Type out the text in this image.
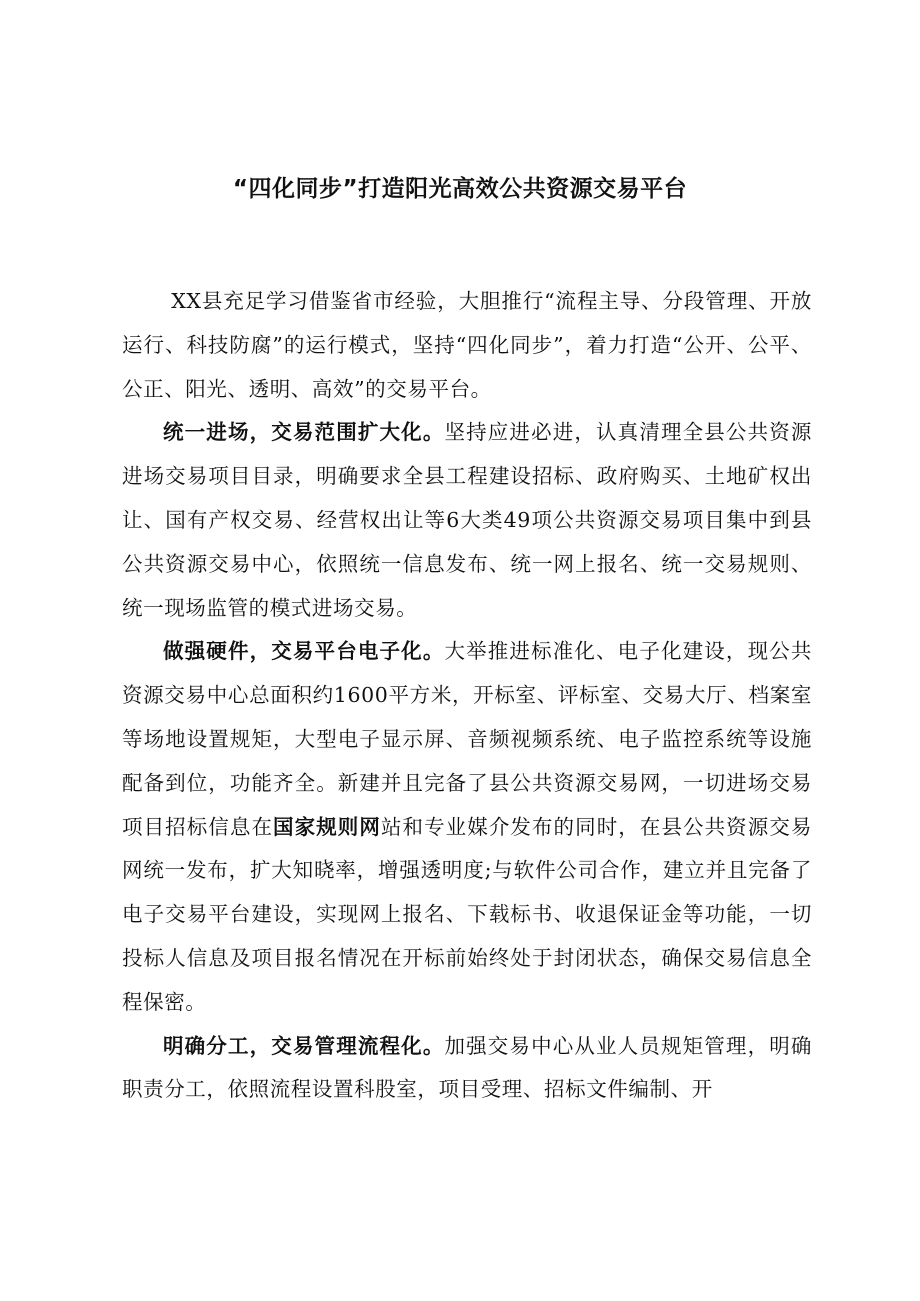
“四化同步”打造阳光高效公共资源交易平台

XX县充足学习借鉴省市经验，大胆推行“流程主导、分段管理、开放运行、科技防腐”的运行模式，坚持“四化同步”，着力打造“公开、公平、公正、阳光、透明、高效”的交易平台。

统一进场，交易范围扩大化。坚持应进必进，认真清理全县公共资源进场交易项目目录，明确要求全县工程建设招标、政府购买、土地矿权出让、国有产权交易、经营权出让等6大类49项公共资源交易项目集中到县公共资源交易中心，依照统一信息发布、统一网上报名、统一交易规则、统一现场监管的模式进场交易。

做强硬件，交易平台电子化。大举推进标准化、电子化建设，现公共资源交易中心总面积约1600平方米，开标室、评标室、交易大厅、档案室等场地设置规矩，大型电子显示屏、音频视频系统、电子监控系统等设施配备到位，功能齐全。新建并且完备了县公共资源交易网，一切进场交易项目招标信息在国家规则网站和专业媒介发布的同时，在县公共资源交易网统一发布，扩大知晓率，增强透明度;与软件公司合作，建立并且完备了电子交易平台建设，实现网上报名、下载标书、收退保证金等功能，一切投标人信息及项目报名情况在开标前始终处于封闭状态，确保交易信息全程保密。

明确分工，交易管理流程化。加强交易中心从业人员规矩管理，明确职责分工，依照流程设置科股室，项目受理、招标文件编制、开
